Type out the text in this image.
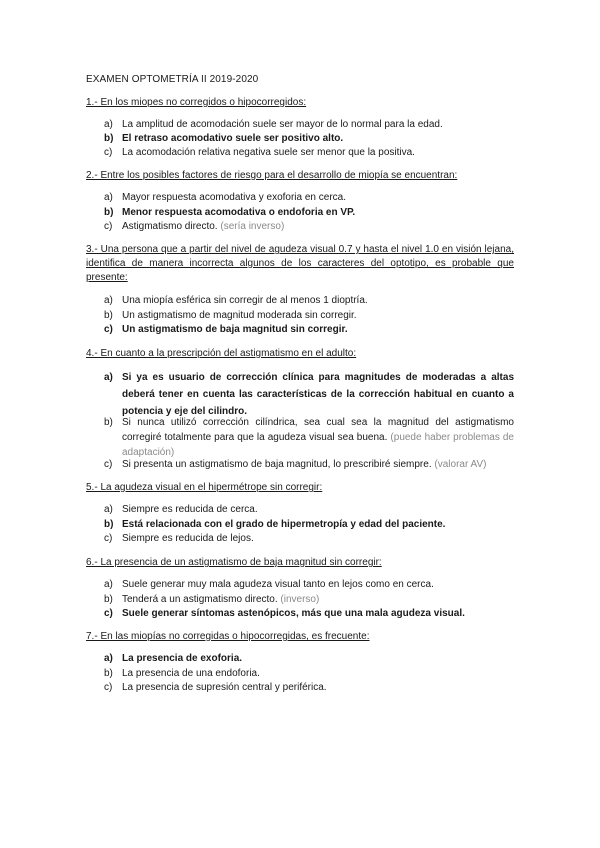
EXAMEN OPTOMETRÍA II 2019-2020
1.- En los miopes no corregidos o hipocorregidos:
a) La amplitud de acomodación suele ser mayor de lo normal para la edad.
b) El retraso acomodativo suele ser positivo alto.
c) La acomodación relativa negativa suele ser menor que la positiva.
2.- Entre los posibles factores de riesgo para el desarrollo de miopía se encuentran:
a) Mayor respuesta acomodativa y exoforia en cerca.
b) Menor respuesta acomodativa o endoforia en VP.
c) Astigmatismo directo. (sería inverso)
3.- Una persona que a partir del nivel de agudeza visual 0.7 y hasta el nivel 1.0 en visión lejana, identifica de manera incorrecta algunos de los caracteres del optotipo, es probable que presente:
a) Una miopía esférica sin corregir de al menos 1 dioptría.
b) Un astigmatismo de magnitud moderada sin corregir.
c) Un astigmatismo de baja magnitud sin corregir.
4.- En cuanto a la prescripción del astigmatismo en el adulto:
a) Si ya es usuario de corrección clínica para magnitudes de moderadas a altas deberá tener en cuenta las características de la corrección habitual en cuanto a potencia y eje del cilindro.
b) Si nunca utilizó corrección cilíndrica, sea cual sea la magnitud del astigmatismo corregiré totalmente para que la agudeza visual sea buena. (puede haber problemas de adaptación)
c) Si presenta un astigmatismo de baja magnitud, lo prescribiré siempre. (valorar AV)
5.- La agudeza visual en el hipermétrope sin corregir:
a) Siempre es reducida de cerca.
b) Está relacionada con el grado de hipermetropía y edad del paciente.
c) Siempre es reducida de lejos.
6.- La presencia de un astigmatismo de baja magnitud sin corregir:
a) Suele generar muy mala agudeza visual tanto en lejos como en cerca.
b) Tenderá a un astigmatismo directo. (inverso)
c) Suele generar síntomas astenópicos, más que una mala agudeza visual.
7.- En las miopías no corregidas o hipocorregidas, es frecuente:
a) La presencia de exoforia.
b) La presencia de una endoforia.
c) La presencia de supresión central y periférica.
